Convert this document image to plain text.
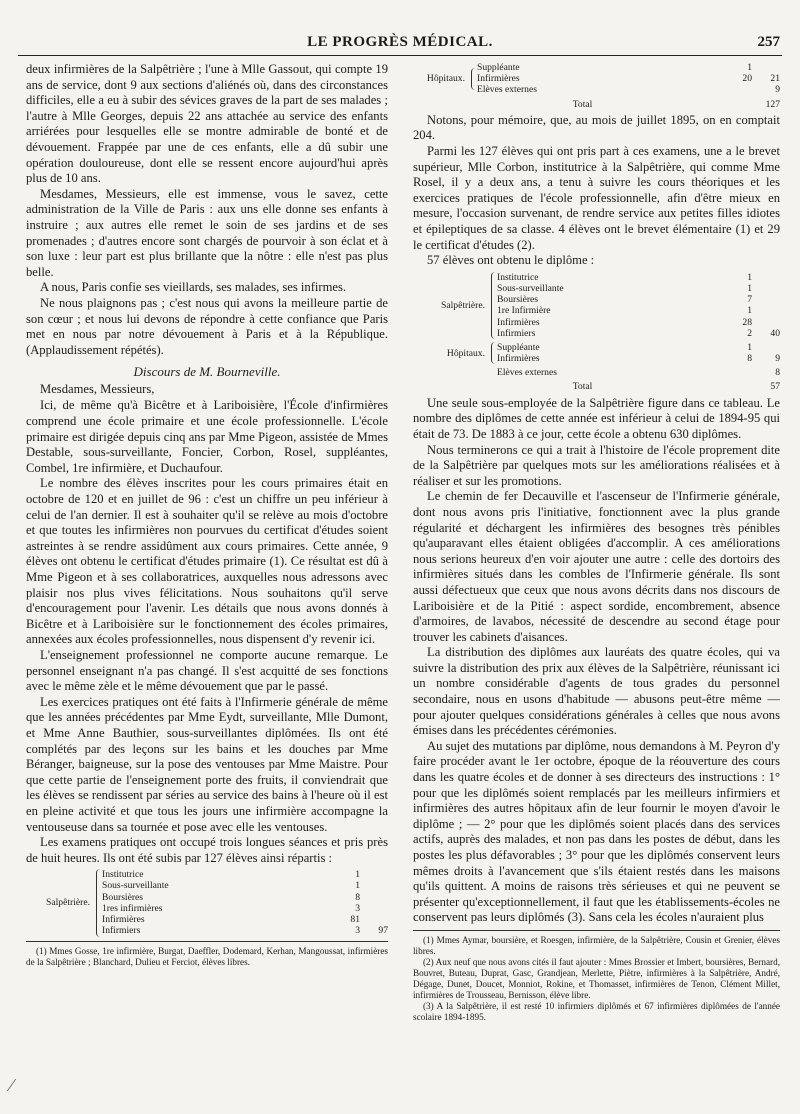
LE PROGRÈS MÉDICAL.	257

deux infirmières de la Salpêtrière ; l'une à Mlle Gassout, qui compte 19 ans de service, dont 9 aux sections d'aliénés où, dans des circonstances difficiles, elle a eu à subir des sévices graves de la part de ses malades ; l'autre à Mlle Georges, depuis 22 ans attachée au service des enfants arriérées pour lesquelles elle se montre admirable de bonté et de dévouement. Frappée par une de ces enfants, elle a dû subir une opération douloureuse, dont elle se ressent encore aujourd'hui après plus de 10 ans.

Mesdames, Messieurs, elle est immense, vous le savez, cette administration de la Ville de Paris : aux uns elle donne ses enfants à instruire ; aux autres elle remet le soin de ses jardins et de ses promenades ; d'autres encore sont chargés de pourvoir à son éclat et à son luxe : leur part est plus brillante que la nôtre : elle n'est pas plus belle.

A nous, Paris confie ses vieillards, ses malades, ses infirmes.

Ne nous plaignons pas ; c'est nous qui avons la meilleure partie de son cœur ; et nous lui devons de répondre à cette confiance que Paris met en nous par notre dévouement à Paris et à la République. (Applaudissement répétés).

Discours de M. Bourneville.

Mesdames, Messieurs,

Ici, de même qu'à Bicêtre et à Lariboisière, l'École d'infirmières comprend une école primaire et une école professionnelle. L'école primaire est dirigée depuis cinq ans par Mme Pigeon, assistée de Mmes Destable, sous-surveillante, Foncier, Corbon, Rosel, suppléantes, Combel, 1re infirmière, et Duchaufour.

Le nombre des élèves inscrites pour les cours primaires était en octobre de 120 et en juillet de 96 : c'est un chiffre un peu inférieur à celui de l'an dernier. Il est à souhaiter qu'il se relève au mois d'octobre et que toutes les infirmières non pourvues du certificat d'études soient astreintes à se rendre assidûment aux cours primaires. Cette année, 9 élèves ont obtenu le certificat d'études primaire (1). Ce résultat est dû à Mme Pigeon et à ses collaboratrices, auxquelles nous adressons avec plaisir nos plus vives félicitations. Nous souhaitons qu'il serve d'encouragement pour l'avenir. Les détails que nous avons donnés à Bicêtre et à Lariboisière sur le fonctionnement des écoles primaires, annexées aux écoles professionnelles, nous dispensent d'y revenir ici.

L'enseignement professionnel ne comporte aucune remarque. Le personnel enseignant n'a pas changé. Il s'est acquitté de ses fonctions avec le même zèle et le même dévouement que par le passé.

Les exercices pratiques ont été faits à l'Infirmerie générale de même que les années précédentes par Mme Eydt, surveillante, Mlle Dumont, et Mme Anne Bauthier, sous-surveillantes diplômées. Ils ont été complétés par des leçons sur les bains et les douches par Mme Béranger, baigneuse, sur la pose des ventouses par Mme Maistre. Pour que cette partie de l'enseignement porte des fruits, il conviendrait que les élèves se rendissent par séries au service des bains à l'heure où il est en pleine activité et que tous les jours une infirmière accompagne la ventouseuse dans sa tournée et pose avec elle les ventouses.

Les examens pratiques ont occupé trois longues séances et pris près de huit heures. Ils ont été subis par 127 élèves ainsi répartis :

Salpêtrière.
Institutrice	1
Sous-surveillante	1
Boursières	8
1res infirmières	3
Infirmières	81
Infirmiers	3	97

(1) Mmes Gosse, 1re infirmière, Burgat, Daeffler, Dodemard, Kerhan, Mangoussat, infirmières de la Salpêtrière ; Blanchard, Dulieu et Ferciot, élèves libres.

Hôpitaux.
Suppléante	1
Infirmières	20	21
Elèves externes	9
Total	127

Notons, pour mémoire, que, au mois de juillet 1895, on en comptait 204.

Parmi les 127 élèves qui ont pris part à ces examens, une a le brevet supérieur, Mlle Corbon, institutrice à la Salpêtrière, qui comme Mme Rosel, il y a deux ans, a tenu à suivre les cours théoriques et les exercices pratiques de l'école professionnelle, afin d'être mieux en mesure, l'occasion survenant, de rendre service aux petites filles idiotes et épileptiques de sa classe. 4 élèves ont le brevet élémentaire (1) et 29 le certificat d'études (2).

57 élèves ont obtenu le diplôme :

Salpêtrière.
Institutrice	1
Sous-surveillante	1
Boursières	7
1re Infirmière	1
Infirmières	28
Infirmiers	2	40
Hôpitaux.
Suppléante	1
Infirmières	8	9
Elèves externes	8
Total	57

Une seule sous-employée de la Salpêtrière figure dans ce tableau. Le nombre des diplômes de cette année est inférieur à celui de 1894-95 qui était de 73. De 1883 à ce jour, cette école a obtenu 630 diplômes.

Nous terminerons ce qui a trait à l'histoire de l'école proprement dite de la Salpêtrière par quelques mots sur les améliorations réalisées et à réaliser et sur les promotions.

Le chemin de fer Decauville et l'ascenseur de l'Infirmerie générale, dont nous avons pris l'initiative, fonctionnent avec la plus grande régularité et déchargent les infirmières des besognes très pénibles qu'auparavant elles étaient obligées d'accomplir. A ces améliorations nous serions heureux d'en voir ajouter une autre : celle des dortoirs des infirmières situés dans les combles de l'Infirmerie générale. Ils sont aussi défectueux que ceux que nous avons décrits dans nos discours de Lariboisière et de la Pitié : aspect sordide, encombrement, absence d'armoires, de lavabos, nécessité de descendre au second étage pour trouver les cabinets d'aisances.

La distribution des diplômes aux lauréats des quatre écoles, qui va suivre la distribution des prix aux élèves de la Salpêtrière, réunissant ici un nombre considérable d'agents de tous grades du personnel secondaire, nous en usons d'habitude — abusons peut-être même — pour ajouter quelques considérations générales à celles que nous avons émises dans les précédentes cérémonies.

Au sujet des mutations par diplôme, nous demandons à M. Peyron d'y faire procéder avant le 1er octobre, époque de la réouverture des cours dans les quatre écoles et de donner à ses directeurs des instructions : 1° pour que les diplômés soient remplacés par les meilleurs infirmiers et infirmières des autres hôpitaux afin de leur fournir le moyen d'avoir le diplôme ; — 2° pour que les diplômés soient placés dans des services actifs, auprès des malades, et non pas dans les postes de début, dans les postes les plus défavorables ; 3° pour que les diplômés conservent leurs mêmes droits à l'avancement que s'ils étaient restés dans les maisons qu'ils quittent. A moins de raisons très sérieuses et qui ne peuvent se présenter qu'exceptionnellement, il faut que les établissements-écoles ne conservent pas leurs diplômés (3). Sans cela les écoles n'auraient plus

(1) Mmes Aymar, boursière, et Roesgen, infirmière, de la Salpêtrière, Cousin et Grenier, élèves libres.

(2) Aux neuf que nous avons cités il faut ajouter : Mmes Brossier et Imbert, boursières, Bernard, Bouvret, Buteau, Duprat, Gasc, Grandjean, Merlette, Piètre, infirmières à la Salpêtrière, André, Dégage, Dunet, Doucet, Monniot, Rokine, et Thomasset, infirmières de Tenon, Clément Millet, infirmières de Trousseau, Bernisson, élève libre.

(3) A la Salpêtrière, il est resté 10 infirmiers diplômés et 67 infirmières diplômées de l'année scolaire 1894-1895.

⁄
